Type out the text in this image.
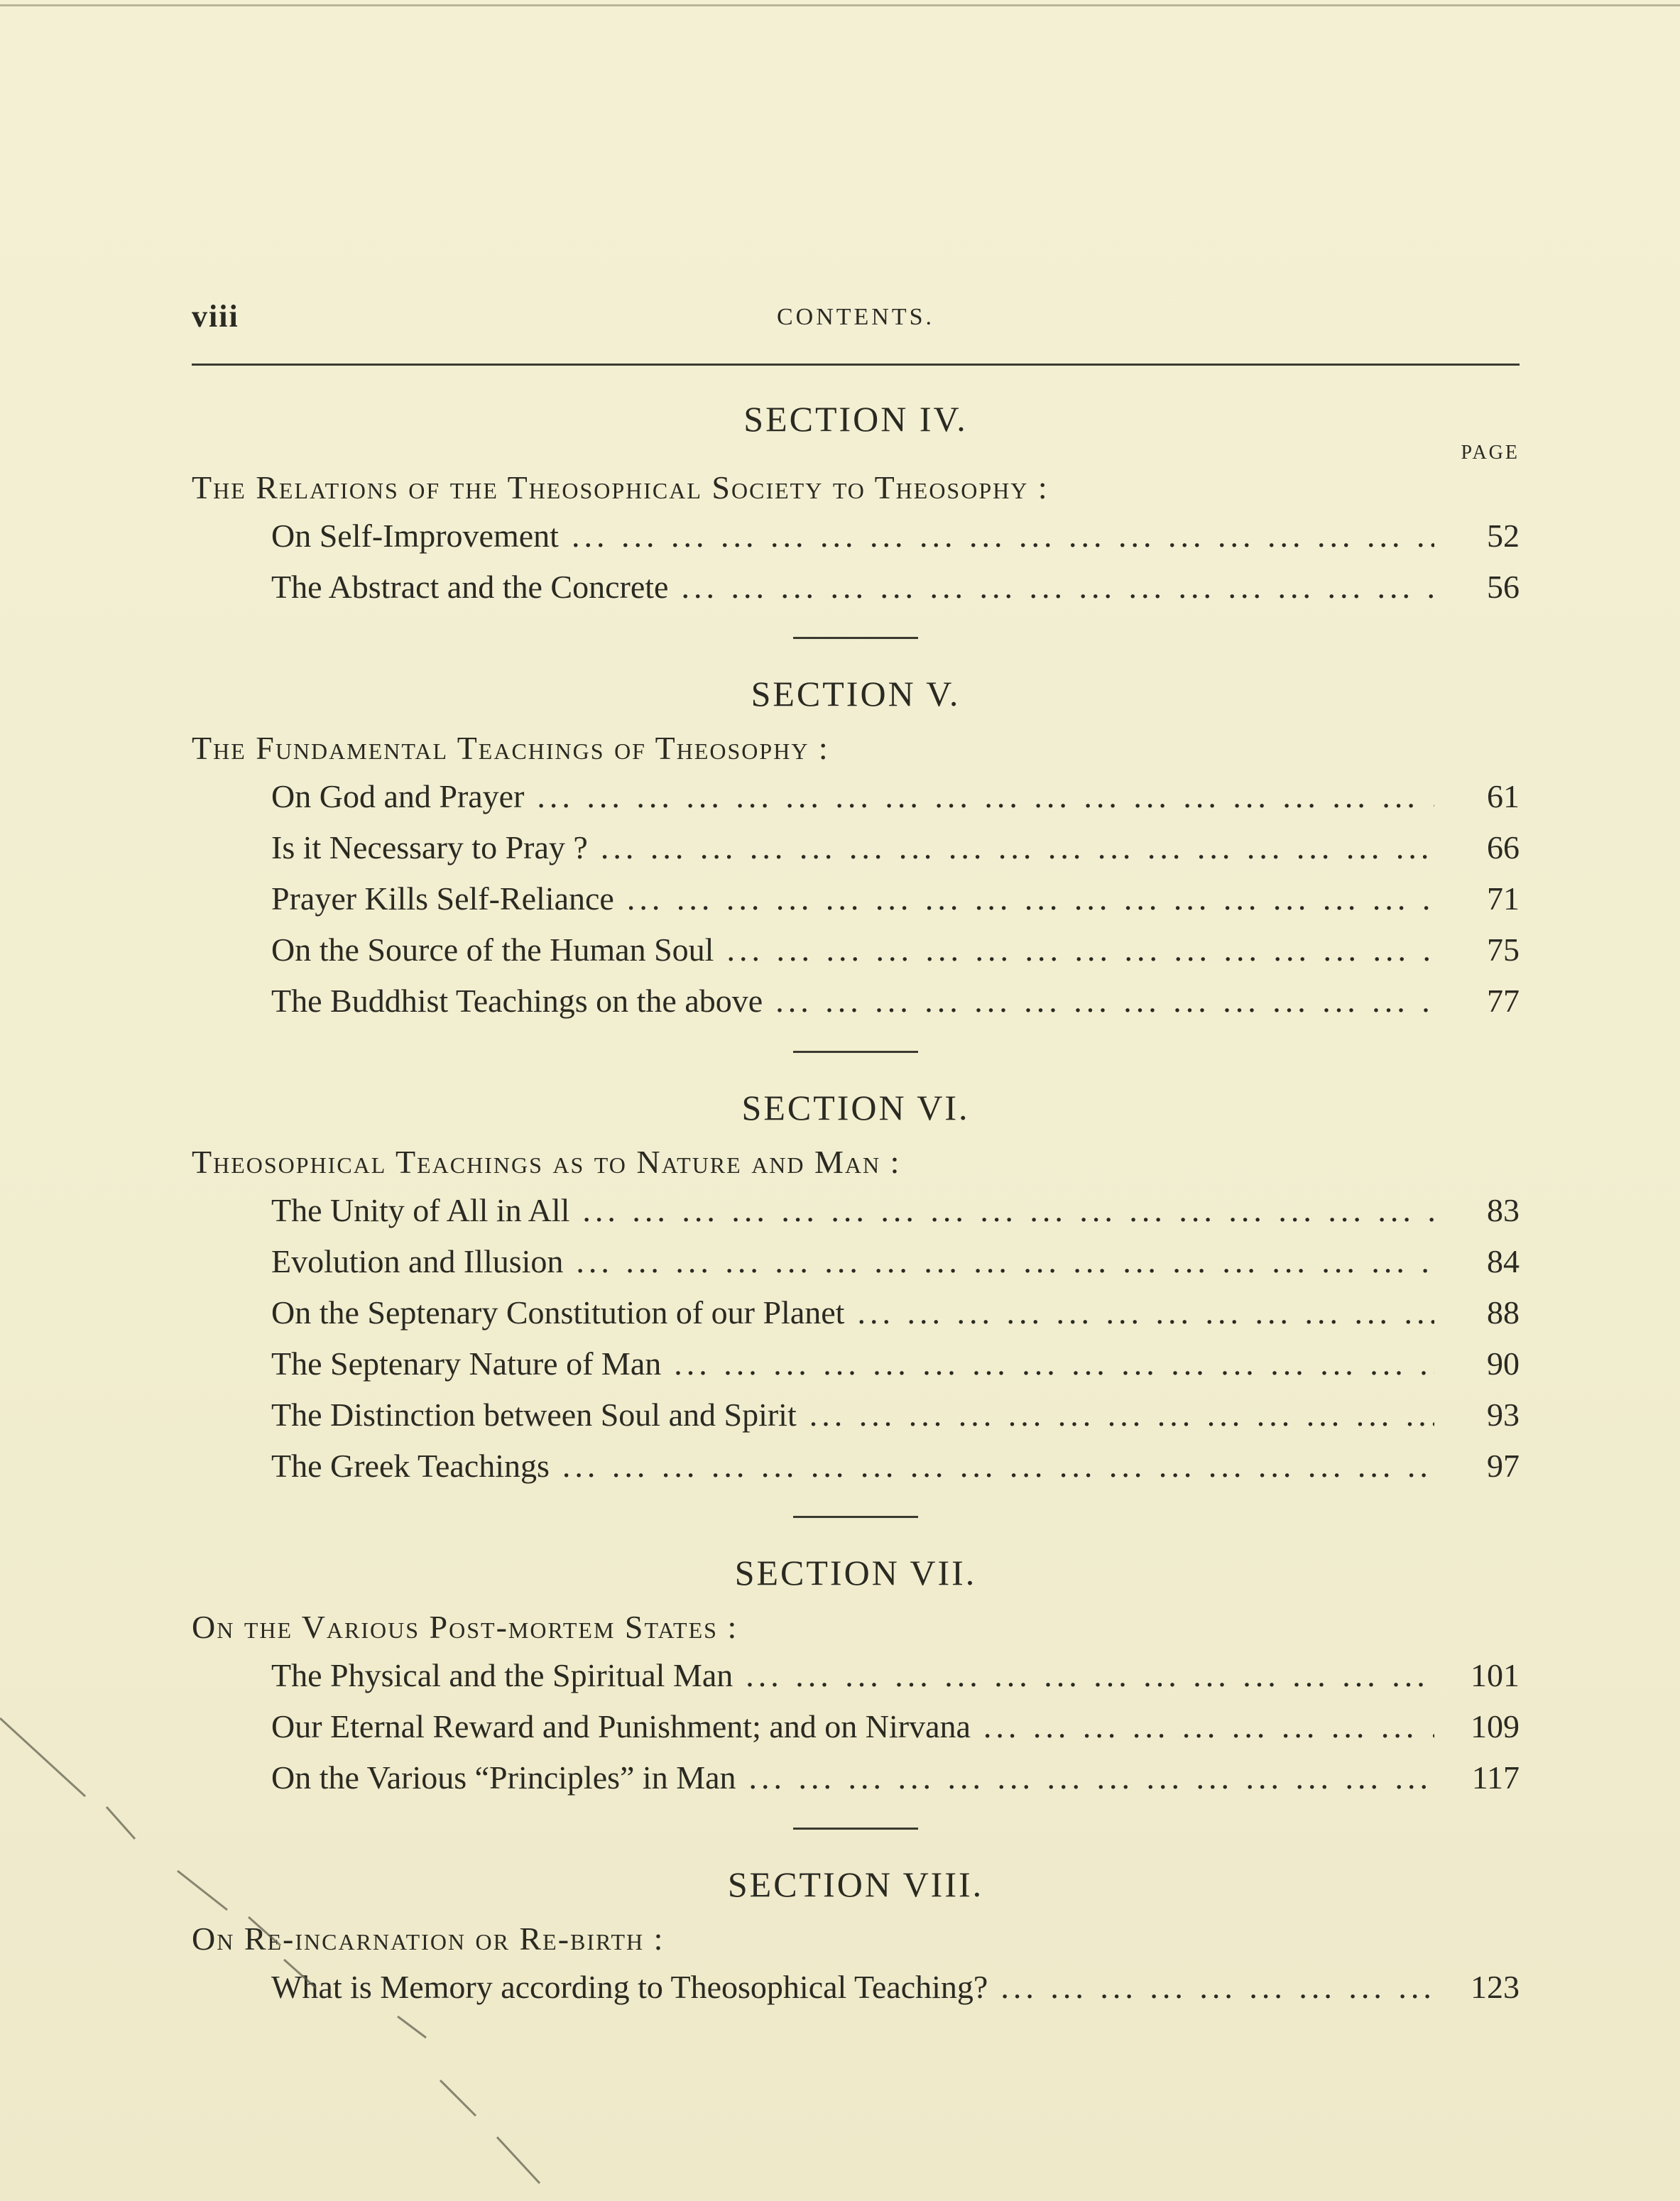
viii	CONTENTS.
SECTION IV.
PAGE
The Relations of the Theosophical Society to Theosophy :
On Self-Improvement ... .	52
The Abstract and the Concrete ... .	56
SECTION V.
The Fundamental Teachings of Theosophy :
On God and Prayer ... .	61
Is it Necessary to Pray ? ... .	66
Prayer Kills Self-Reliance ... .	71
On the Source of the Human Soul ... .	75
The Buddhist Teachings on the above ... .	77
SECTION VI.
Theosophical Teachings as to Nature and Man :
The Unity of All in All ... .	83
Evolution and Illusion ... .	84
On the Septenary Constitution of our Planet ... .	88
The Septenary Nature of Man ... .	90
The Distinction between Soul and Spirit ... .	93
The Greek Teachings ... .	97
SECTION VII.
On the Various Post-mortem States :
The Physical and the Spiritual Man ... .	101
Our Eternal Reward and Punishment; and on Nirvana ... .	109
On the Various “Principles” in Man ... .	117
SECTION VIII.
On Re-incarnation or Re-birth :
What is Memory according to Theosophical Teaching? ... .	123
